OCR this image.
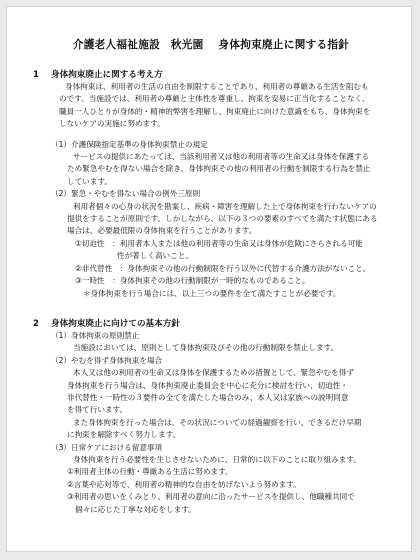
介護老人福祉施設　秋光園　 身体拘束廃止に関する指針
1 身体拘束廃止に関する考え方
身体拘束は、利用者の生活の自由を制限することであり、利用者の尊厳ある生活を阻むも
のです。当施設では、利用者の尊厳と主体性を尊重し、拘束を安易に正当化することなく、
職員一人ひとりが身体的・精神的弊害を理解し、拘束廃止に向けた意識をもち、身体拘束を
しないケアの実施に努めます。
（1）介護保険指定基準の身体拘束禁止の規定
サービスの提供にあたっては、当該利用者又は他の利用者等の生命又は身体を保護する
ため緊急やむを得ない場合を除き、身体拘束その他の利用者の行動を制限する行為を禁止
しています。
（2）緊急・やむを得ない場合の例外三原則
利用者個々の心身の状況を勘案し、疾病・障害を理解した上で身体拘束を行わないケアの
提供をすることが原則です。しかしながら、以下の３つの要素のすべてを満たす状態にある
場合は、必要最低限の身体拘束を行うことがあります。
①切迫性　：利用者本人または他の利用者等の生命又は身体が危険にさらされる可能
性が著しく高いこと。
②非代替性　：身体拘束その他の行動制限を行う以外に代替する介護方法がないこと。
③一時性　：身体拘束その他の行動制限が一時的なものであること。
＊身体拘束を行う場合には、以上三つの要件を全て満たすことが必要です。
2 身体拘束廃止に向けての基本方針
（1）身体拘束の原則禁止
当施設においては、原則として身体拘束及びその他の行動制限を禁止します。
（2）やむを得ず身体拘束を場合
本人又は他の利用者の生命又は身体を保護するための措置として、緊急やむを得ず
身体拘束を行う場合は、身体拘束廃止委員会を中心に充分に検討を行い、切迫性・
非代替性・一時性の３要件の全てを満たした場合のみ、本人又は家族への説明同意
を得て行います。
また身体拘束を行った場合は、その状況についての経過観察を行い、できるだけ早期
に拘束を解除すべく努力します。
（3）日常ケアにおける留意事項
身体拘束を行う必要性を生じさせないために、日常的に以下のことに取り組みます。
①利用者主体の行動・尊厳ある生活に努めます。
②言葉や応対等で、利用者の精神的な自由を妨げないよう努めます。
③利用者の思いをくみとり、利用者の意向に沿ったサービスを提供し、他職種共同で
個々に応じた丁寧な対応をします。
